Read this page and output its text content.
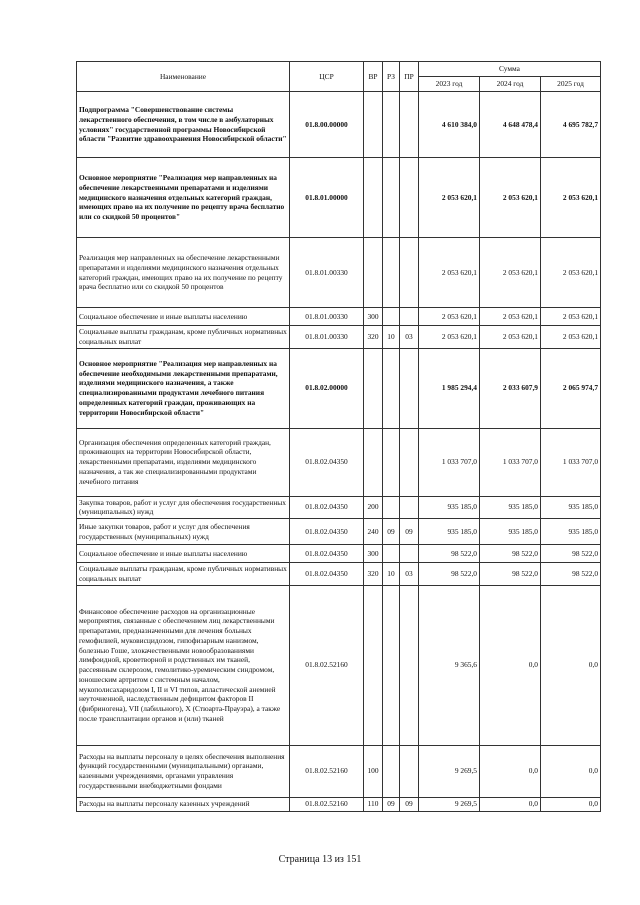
Наименование	ЦСР	ВР	РЗ	ПР	Сумма		
					2023 год	2024 год	2025 год
Подпрограмма "Совершенствование системы лекарственного обеспечения, в том числе в амбулаторных условиях" государственной программы Новосибирской области "Развитие здравоохранения Новосибирской области"	01.8.00.00000				4 610 384,0	4 648 478,4	4 695 782,7
Основное мероприятие "Реализация мер направленных на обеспечение лекарственными препаратами и изделиями медицинского назначения отдельных категорий граждан, имеющих право на их получение по рецепту врача бесплатно или со скидкой 50 процентов"	01.8.01.00000				2 053 620,1	2 053 620,1	2 053 620,1
Реализация мер направленных на обеспечение лекарственными препаратами и изделиями медицинского назначения отдельных категорий граждан, имеющих право на их получение по рецепту врача бесплатно или со скидкой 50 процентов	01.8.01.00330				2 053 620,1	2 053 620,1	2 053 620,1
Социальное обеспечение и иные выплаты населению	01.8.01.00330	300			2 053 620,1	2 053 620,1	2 053 620,1
Социальные выплаты гражданам, кроме публичных нормативных социальных выплат	01.8.01.00330	320	10	03	2 053 620,1	2 053 620,1	2 053 620,1
Основное мероприятие "Реализация мер направленных на обеспечение необходимыми лекарственными препаратами, изделиями медицинского назначения, а также специализированными продуктами лечебного питания определенных категорий граждан, проживающих на территории Новосибирской области"	01.8.02.00000				1 985 294,4	2 033 607,9	2 065 974,7
Организация обеспечения определенных категорий граждан, проживающих на территории Новосибирской области, лекарственными препаратами, изделиями медицинского назначения, а так же специализированными продуктами лечебного питания	01.8.02.04350				1 033 707,0	1 033 707,0	1 033 707,0
Закупка товаров, работ и услуг для обеспечения государственных (муниципальных) нужд	01.8.02.04350	200			935 185,0	935 185,0	935 185,0
Иные закупки товаров, работ и услуг для обеспечения государственных (муниципальных) нужд	01.8.02.04350	240	09	09	935 185,0	935 185,0	935 185,0
Социальное обеспечение и иные выплаты населению	01.8.02.04350	300			98 522,0	98 522,0	98 522,0
Социальные выплаты гражданам, кроме публичных нормативных социальных выплат	01.8.02.04350	320	10	03	98 522,0	98 522,0	98 522,0
Финансовое обеспечение расходов на организационные мероприятия, связанные с обеспечением лиц лекарственными препаратами, предназначенными для лечения больных гемофилией, муковисцидозом, гипофизарным нанизмом, болезнью Гоше, злокачественными новообразованиями лимфоидной, кроветворной и родственных им тканей, рассеянным склерозом, гемолитико-уремическим синдромом, юношеским артритом с системным началом, мукополисахаридозом I, II и VI типов, апластической анемией неуточненной, наследственным дефицитом факторов II (фибриногена), VII (лабильного), X (Стюарта-Прауэра), а также после трансплантации органов и (или) тканей	01.8.02.52160				9 365,6	0,0	0,0
Расходы на выплаты персоналу в целях обеспечения выполнения функций государственными (муниципальными) органами, казенными учреждениями, органами управления государственными внебюджетными фондами	01.8.02.52160	100			9 269,5	0,0	0,0
Расходы на выплаты персоналу казенных учреждений	01.8.02.52160	110	09	09	9 269,5	0,0	0,0
Страница 13 из 151
